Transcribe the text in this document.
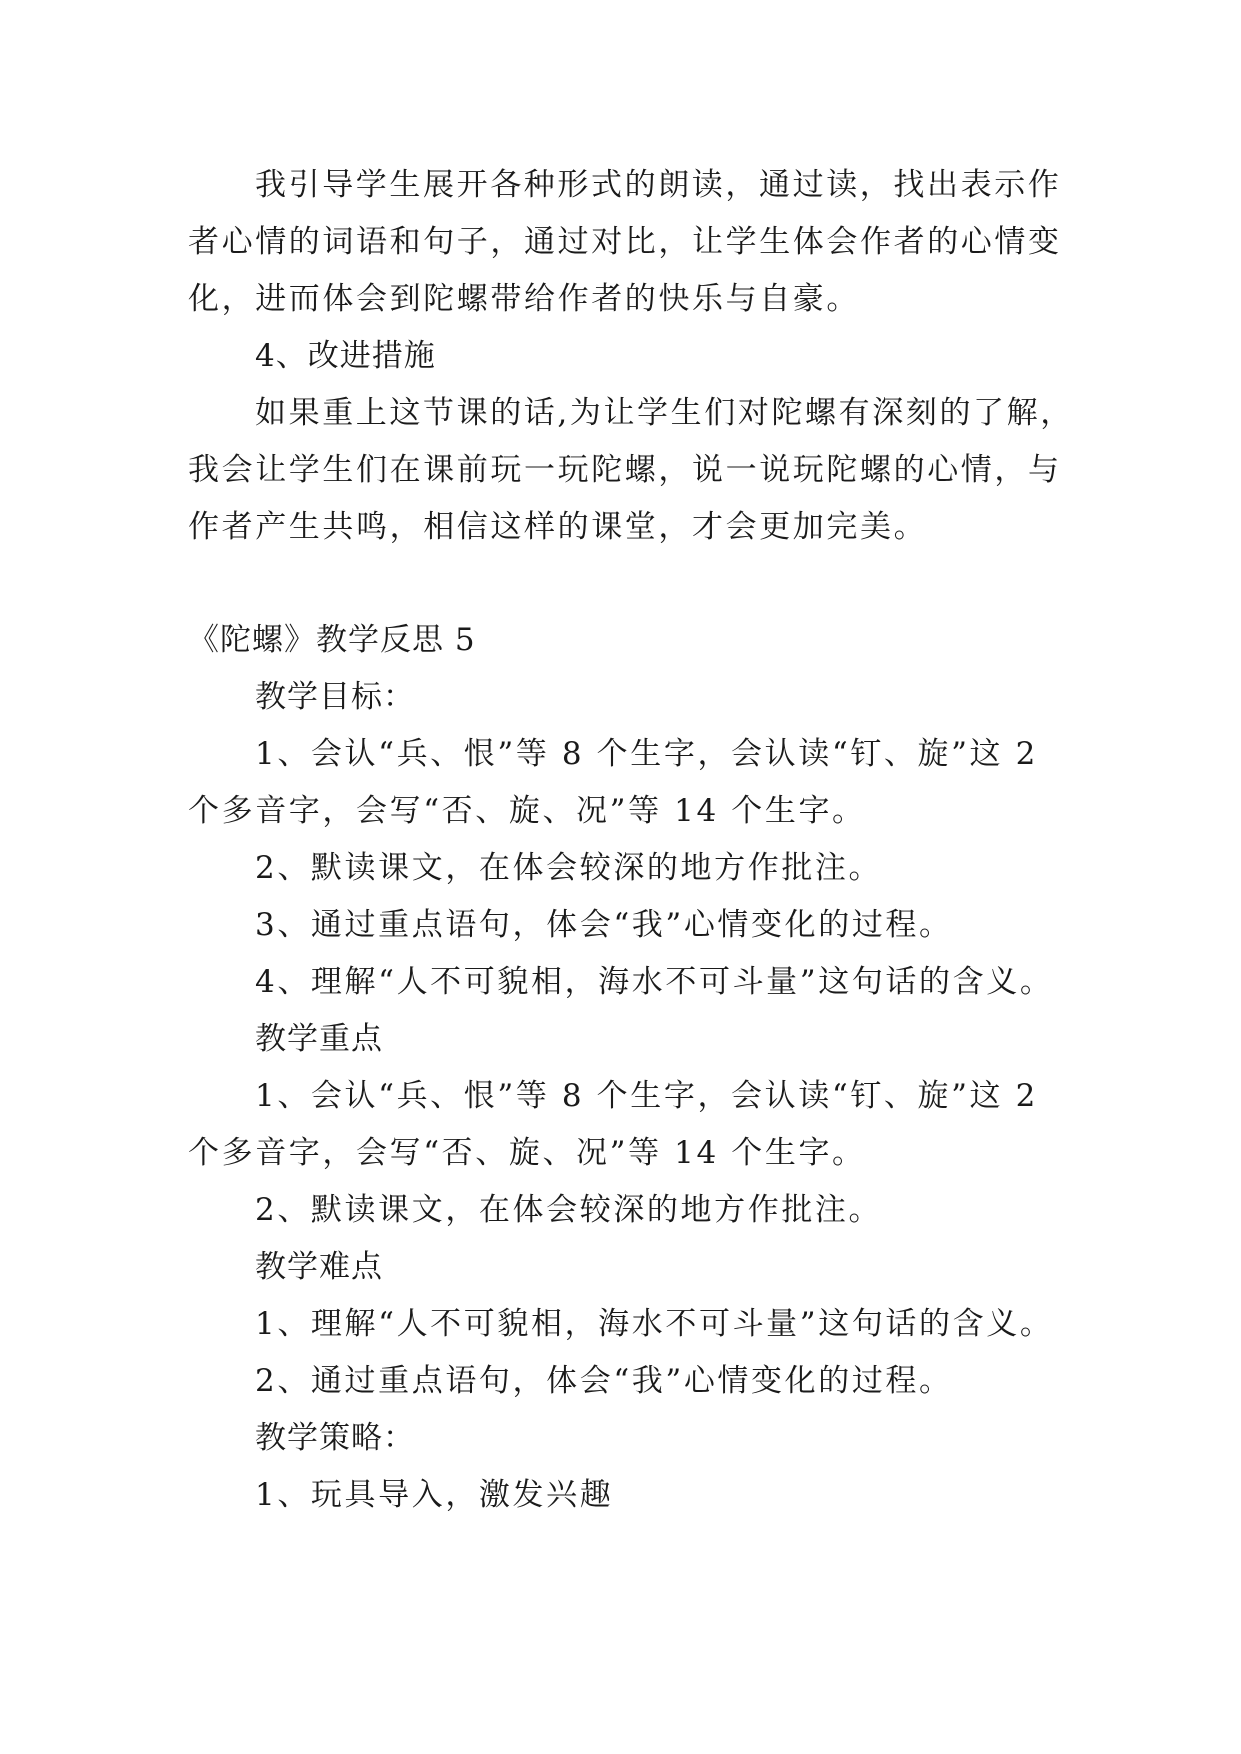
我引导学生展开各种形式的朗读，通过读，找出表示作
者心情的词语和句子，通过对比，让学生体会作者的心情变
化，进而体会到陀螺带给作者的快乐与自豪。
4、改进措施
如果重上这节课的话,为让学生们对陀螺有深刻的了解，
我会让学生们在课前玩一玩陀螺，说一说玩陀螺的心情，与
作者产生共鸣，相信这样的课堂，才会更加完美。
《陀螺》教学反思 5
教学目标：
1、会认“兵、恨”等 8 个生字，会认读“钉、旋”这 2
个多音字，会写“否、旋、况”等 14 个生字。
2、默读课文，在体会较深的地方作批注。
3、通过重点语句，体会“我”心情变化的过程。
4、理解“人不可貌相，海水不可斗量”这句话的含义。
教学重点
1、会认“兵、恨”等 8 个生字，会认读“钉、旋”这 2
个多音字，会写“否、旋、况”等 14 个生字。
2、默读课文，在体会较深的地方作批注。
教学难点
1、理解“人不可貌相，海水不可斗量”这句话的含义。
2、通过重点语句，体会“我”心情变化的过程。
教学策略：
1、玩具导入，激发兴趣
